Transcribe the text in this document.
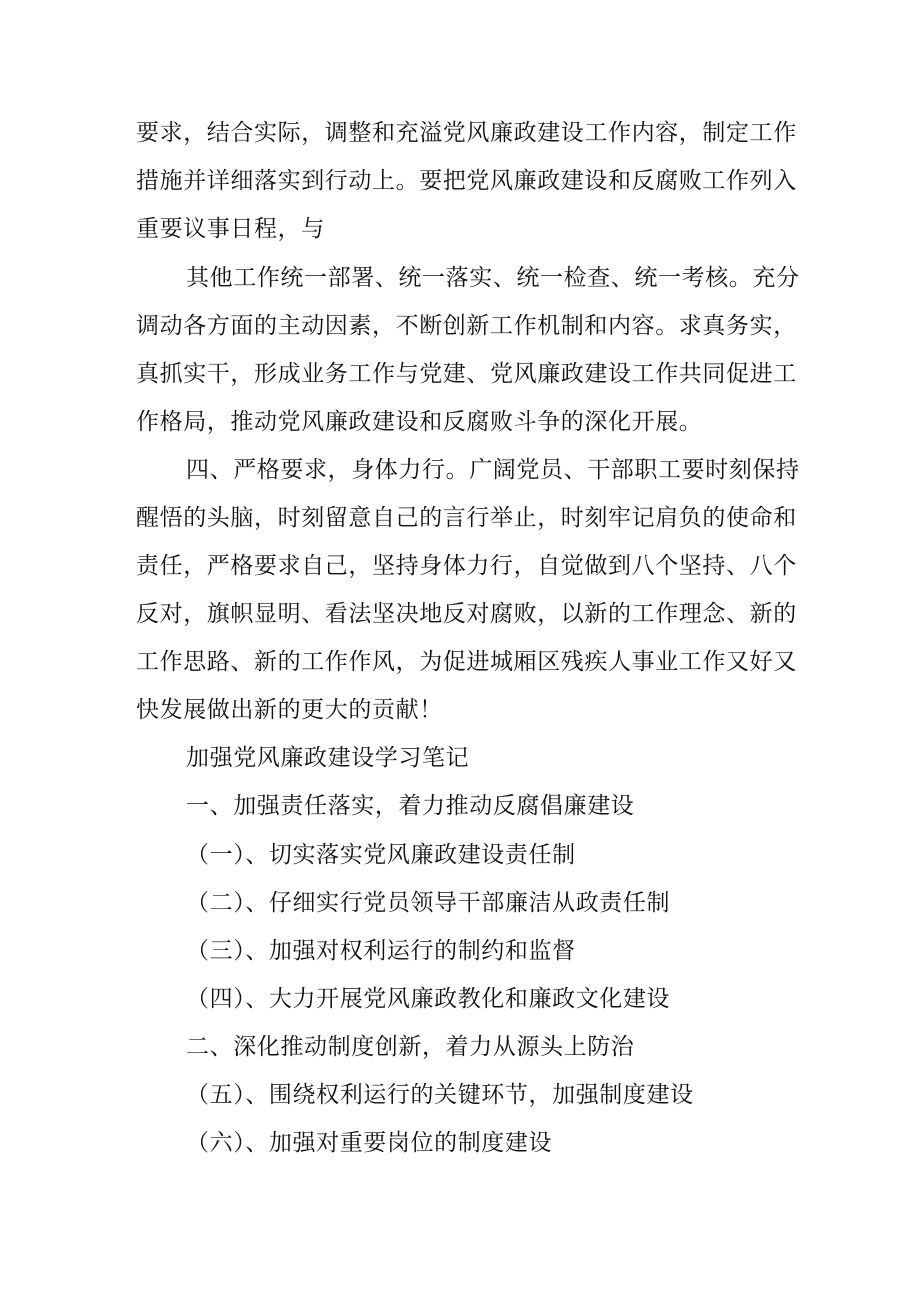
要求，结合实际，调整和充溢党风廉政建设工作内容，制定工作
措施并详细落实到行动上。要把党风廉政建设和反腐败工作列入
重要议事日程，与
其他工作统一部署、统一落实、统一检查、统一考核。充分
调动各方面的主动因素，不断创新工作机制和内容。求真务实，
真抓实干，形成业务工作与党建、党风廉政建设工作共同促进工
作格局，推动党风廉政建设和反腐败斗争的深化开展。
四、严格要求，身体力行。广阔党员、干部职工要时刻保持
醒悟的头脑，时刻留意自己的言行举止，时刻牢记肩负的使命和
责任，严格要求自己，坚持身体力行，自觉做到八个坚持、八个
反对，旗帜显明、看法坚决地反对腐败，以新的工作理念、新的
工作思路、新的工作作风，为促进城厢区残疾人事业工作又好又
快发展做出新的更大的贡献！
加强党风廉政建设学习笔记
一、加强责任落实，着力推动反腐倡廉建设
（一）、切实落实党风廉政建设责任制
（二）、仔细实行党员领导干部廉洁从政责任制
（三）、加强对权利运行的制约和监督
（四）、大力开展党风廉政教化和廉政文化建设
二、深化推动制度创新，着力从源头上防治
（五）、围绕权利运行的关键环节，加强制度建设
（六）、加强对重要岗位的制度建设
